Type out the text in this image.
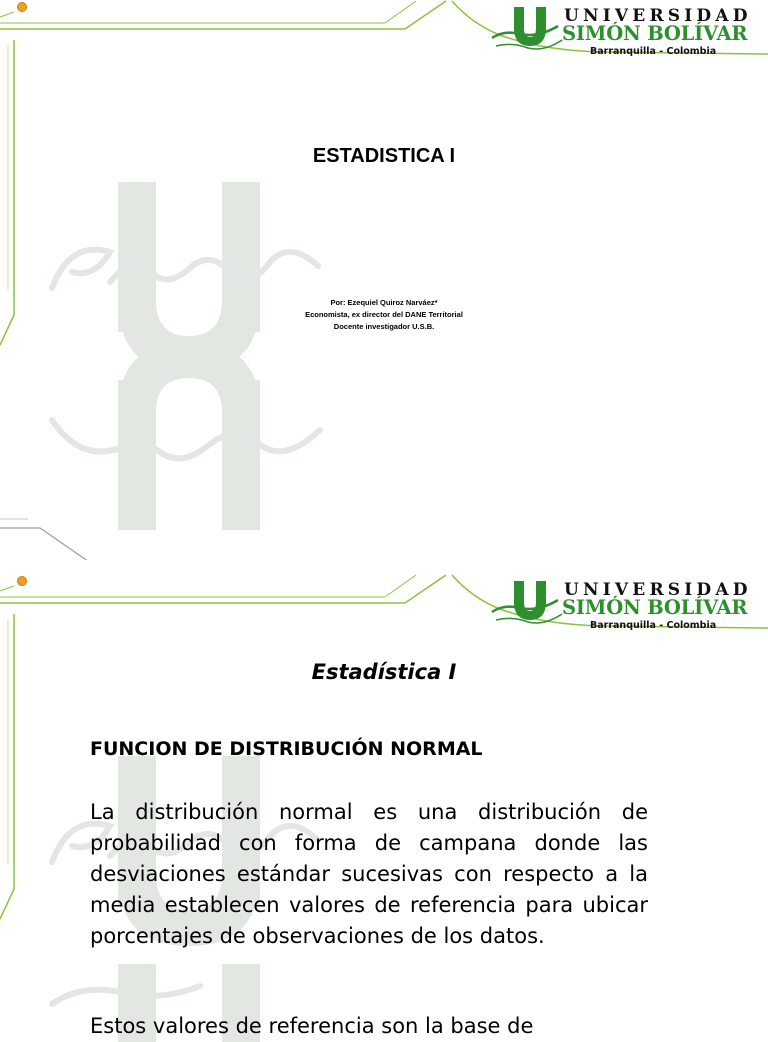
UNIVERSIDAD
SIMÓN BOLÍVAR
Barranquilla - Colombia
ESTADISTICA I
Por: Ezequiel Quiroz Narváez*
Economista, ex director del DANE Territorial
Docente investigador U.S.B.
UNIVERSIDAD
SIMÓN BOLÍVAR
Barranquilla - Colombia
Estadística I
FUNCION DE DISTRIBUCIÓN NORMAL
La distribución normal es una distribución de probabilidad con forma de campana donde las desviaciones estándar sucesivas con respecto a la media establecen valores de referencia para ubicar porcentajes de observaciones de los datos.
Estos valores de referencia son la base de
